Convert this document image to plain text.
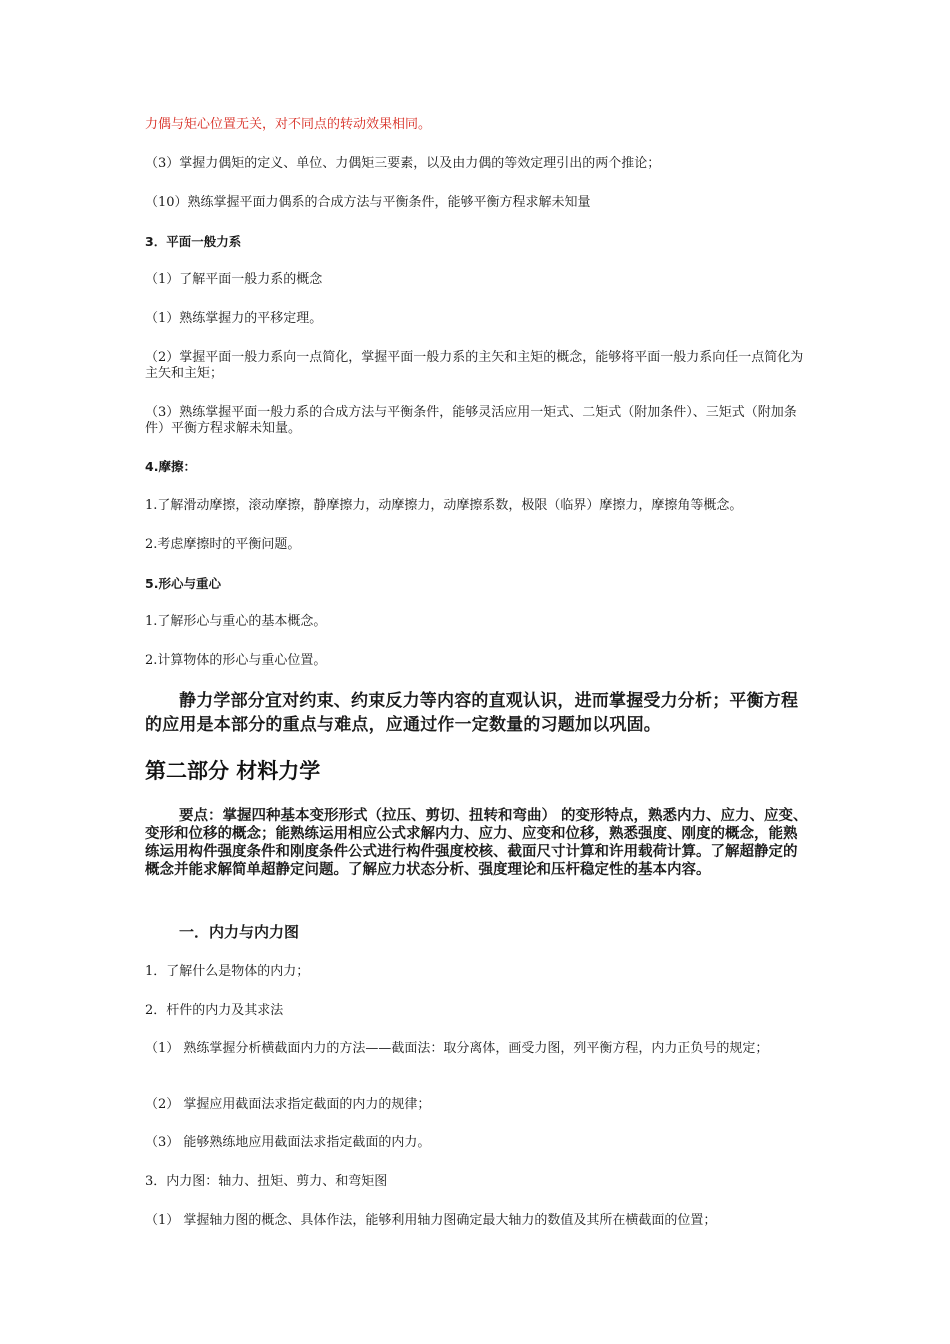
力偶与矩心位置无关，对不同点的转动效果相同。

（3）掌握力偶矩的定义、单位、力偶矩三要素，以及由力偶的等效定理引出的两个推论；

（10）熟练掌握平面力偶系的合成方法与平衡条件，能够平衡方程求解未知量

3．平面一般力系

（1）了解平面一般力系的概念

（1）熟练掌握力的平移定理。

（2）掌握平面一般力系向一点简化，掌握平面一般力系的主矢和主矩的概念，能够将平面一般力系向任一点简化为主矢和主矩；

（3）熟练掌握平面一般力系的合成方法与平衡条件，能够灵活应用一矩式、二矩式（附加条件）、三矩式（附加条件）平衡方程求解未知量。

4.摩擦：

1.了解滑动摩擦，滚动摩擦，静摩擦力，动摩擦力，动摩擦系数，极限（临界）摩擦力，摩擦角等概念。

2.考虑摩擦时的平衡问题。

5.形心与重心

1.了解形心与重心的基本概念。

2.计算物体的形心与重心位置。

静力学部分宜对约束、约束反力等内容的直观认识，进而掌握受力分析；平衡方程的应用是本部分的重点与难点，应通过作一定数量的习题加以巩固。

第二部分 材料力学

要点：掌握四种基本变形形式（拉压、剪切、扭转和弯曲） 的变形特点，熟悉内力、应力、应变、变形和位移的概念；能熟练运用相应公式求解内力、应力、应变和位移，熟悉强度、刚度的概念，能熟练运用构件强度条件和刚度条件公式进行构件强度校核、截面尺寸计算和许用载荷计算。了解超静定的概念并能求解简单超静定问题。了解应力状态分析、强度理论和压杆稳定性的基本内容。

一．内力与内力图

1．了解什么是物体的内力；

2．杆件的内力及其求法

（1） 熟练掌握分析横截面内力的方法——截面法：取分离体，画受力图，列平衡方程，内力正负号的规定；

（2） 掌握应用截面法求指定截面的内力的规律；

（3） 能够熟练地应用截面法求指定截面的内力。

3．内力图：轴力、扭矩、剪力、和弯矩图

（1） 掌握轴力图的概念、具体作法，能够利用轴力图确定最大轴力的数值及其所在横截面的位置；
